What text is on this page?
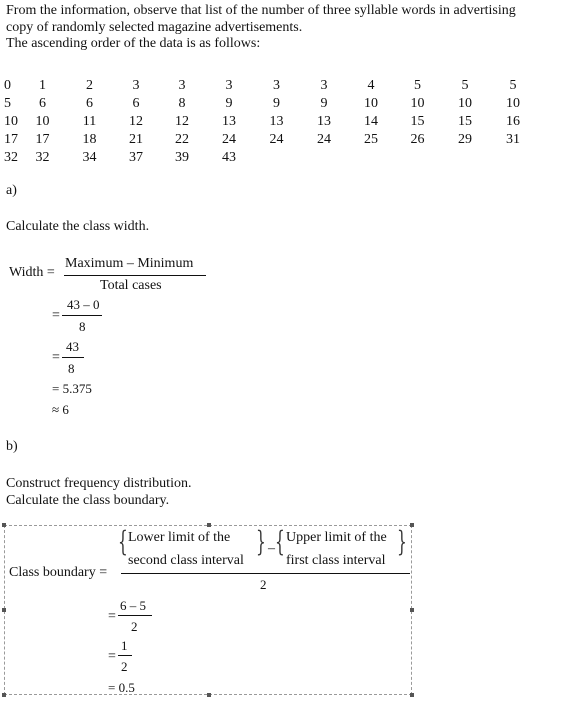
From the information, observe that list of the number of three syllable words in advertising
copy of randomly selected magazine advertisements.
The ascending order of the data is as follows:
0	1	2	3	3	3	3	3	4	5	5	5
5	6	6	6	8	9	9	9	10	10	10	10
10	10	11	12	12	13	13	13	14	15	15	16
17	17	18	21	22	24	24	24	25	26	29	31
32	32	34	37	39	43
a)
Calculate the class width.
Width =
Maximum – Minimum
Total cases
43 – 0
=
8
43
=
8
= 5.375
≈ 6
b)
Construct frequency distribution.
Calculate the class boundary.
Class boundary =
{ Lower limit of the
second class interval
} – { Upper limit of the
first class interval
}
2
6 – 5
=
2
1
=
2
= 0.5
